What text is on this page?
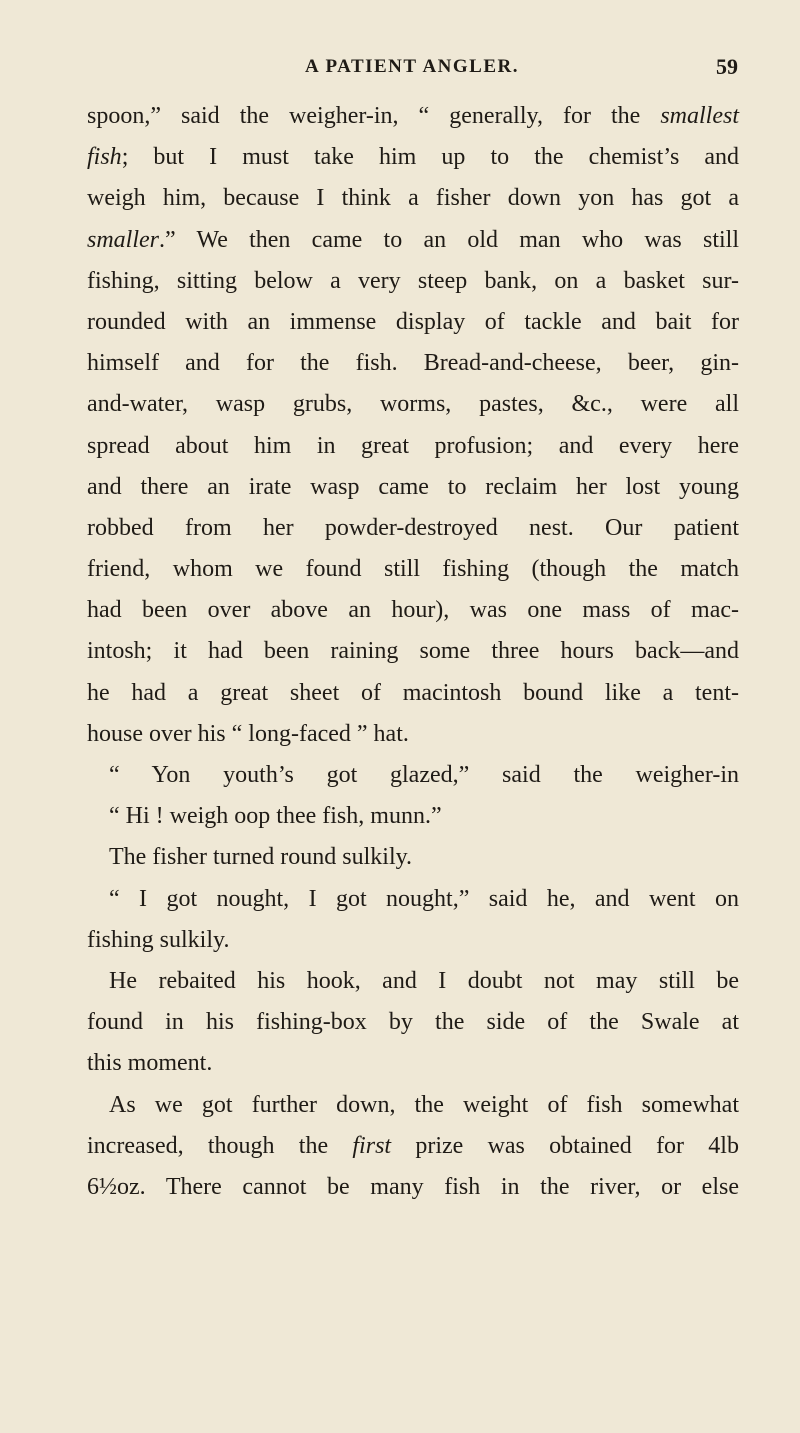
A PATIENT ANGLER.	59
spoon,” said the weigher-in, “ generally, for the smallest
fish; but I must take him up to the chemist’s and
weigh him, because I think a fisher down yon has got a
smaller.” We then came to an old man who was still
fishing, sitting below a very steep bank, on a basket sur-
rounded with an immense display of tackle and bait for
himself and for the fish. Bread-and-cheese, beer, gin-
and-water, wasp grubs, worms, pastes, &c., were all
spread about him in great profusion; and every here
and there an irate wasp came to reclaim her lost young
robbed from her powder-destroyed nest. Our patient
friend, whom we found still fishing (though the match
had been over above an hour), was one mass of mac-
intosh; it had been raining some three hours back—and
he had a great sheet of macintosh bound like a tent-
house over his “ long-faced ” hat.
“ Yon youth’s got glazed,” said the weigher-in
“ Hi ! weigh oop thee fish, munn.”
The fisher turned round sulkily.
“ I got nought, I got nought,” said he, and went on
fishing sulkily.
He rebaited his hook, and I doubt not may still be
found in his fishing-box by the side of the Swale at
this moment.
As we got further down, the weight of fish somewhat
increased, though the first prize was obtained for 4lb
6½oz. There cannot be many fish in the river, or else
